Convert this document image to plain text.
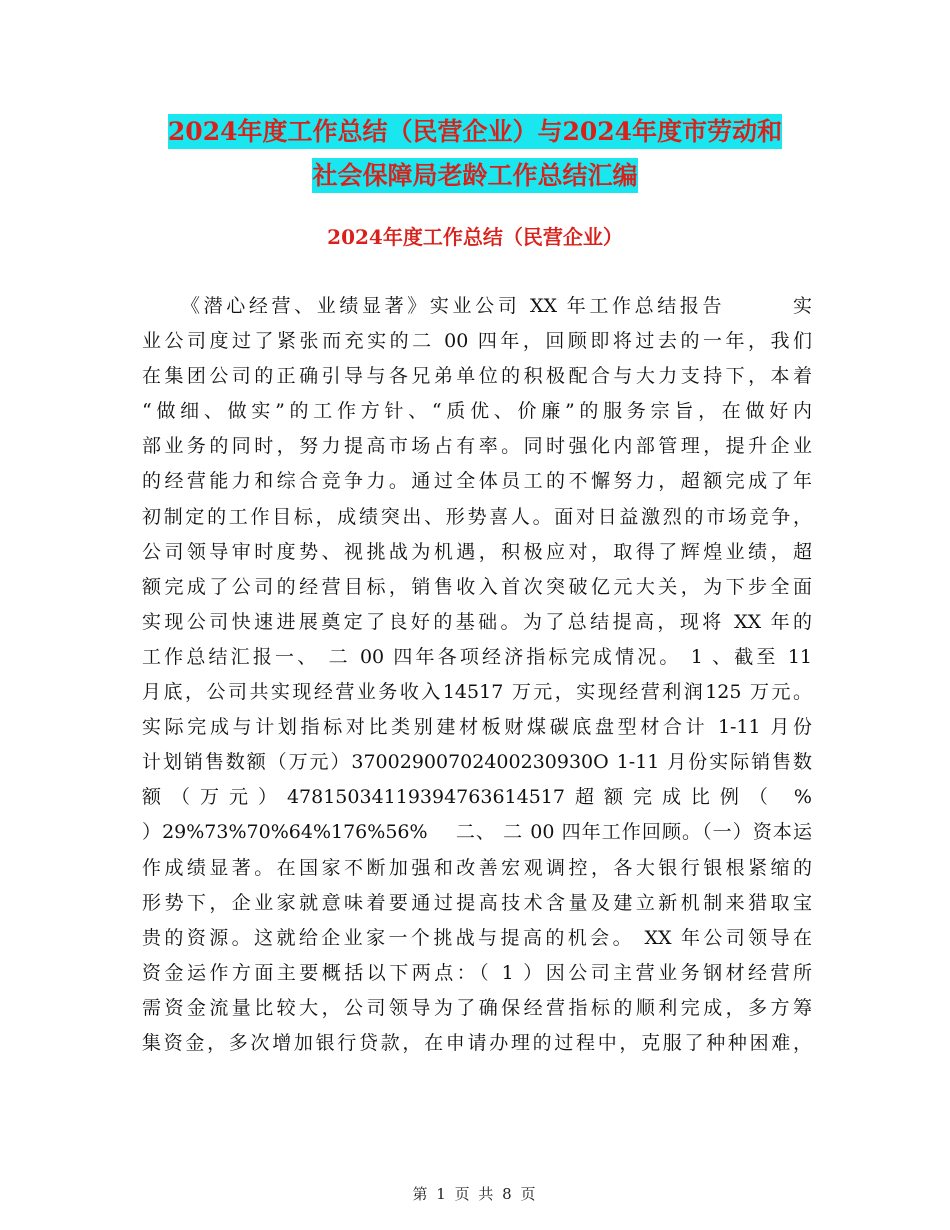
2024年度工作总结（民营企业）与2024年度市劳动和
社会保障局老龄工作总结汇编
2024年度工作总结（民营企业）
《潜心经营、业绩显著》实业公司 XX 年工作总结报告　　　实
业公司度过了紧张而充实的二 00 四年，回顾即将过去的一年，我们
在集团公司的正确引导与各兄弟单位的积极配合与大力支持下，本着
“做细、做实”的工作方针、“质优、价廉”的服务宗旨，在做好内
部业务的同时，努力提高市场占有率。同时强化内部管理，提升企业
的经营能力和综合竞争力。通过全体员工的不懈努力，超额完成了年
初制定的工作目标，成绩突出、形势喜人。面对日益激烈的市场竞争，
公司领导审时度势、视挑战为机遇，积极应对，取得了辉煌业绩，超
额完成了公司的经营目标，销售收入首次突破亿元大关，为下步全面
实现公司快速进展奠定了良好的基础。为了总结提高，现将 XX 年的
工作总结汇报一、 二 00 四年各项经济指标完成情况。 1 、截至 11
月底，公司共实现经营业务收入14517 万元，实现经营利润125 万元。
实际完成与计划指标对比类别建材板财煤碳底盘型材合计 1-11 月份
计划销售数额（万元）37002900702400230930O 1-11 月份实际销售数
额（万元）4781503411939476361451​7超额完成比例（ %
）29%73%70%64%176%56%　 二、 二 00 四年工作回顾。（一）资本运
作成绩显著。在国家不断加强和改善宏观调控，各大银行银根紧缩的
形势下，企业家就意味着要通过提高技术含量及建立新机制来猎取宝
贵的资源。这就给企业家一个挑战与提高的机会。 XX 年公司领导在
资金运作方面主要概括以下两点：（ 1 ）因公司主营业务钢材经营所
需资金流量比较大，公司领导为了确保经营指标的顺利完成，多方筹
集资金，多次增加银行贷款，在申请办理的过程中，克服了种种困难，
第 1 页 共 8 页
